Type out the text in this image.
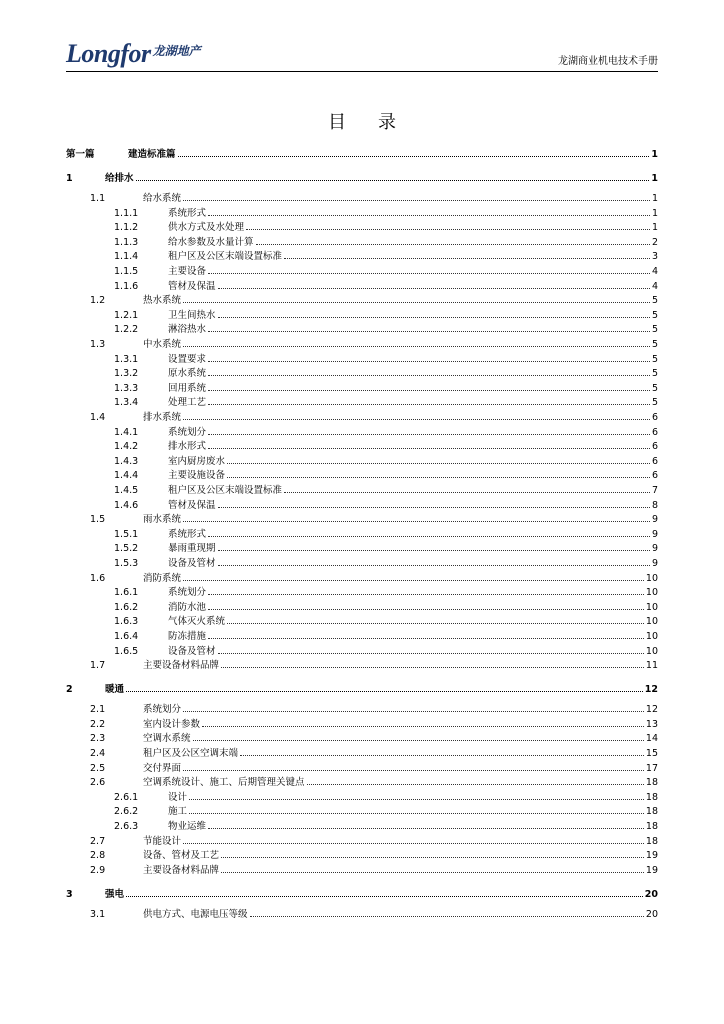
Longfor 龙湖地产
龙湖商业机电技术手册
目录
第一篇	建造标准篇	1
1	给排水	1
1.1	给水系统	1
1.1.1	系统形式	1
1.1.2	供水方式及水处理	1
1.1.3	给水参数及水量计算	2
1.1.4	租户区及公区末端设置标准	3
1.1.5	主要设备	4
1.1.6	管材及保温	4
1.2	热水系统	5
1.2.1	卫生间热水	5
1.2.2	淋浴热水	5
1.3	中水系统	5
1.3.1	设置要求	5
1.3.2	原水系统	5
1.3.3	回用系统	5
1.3.4	处理工艺	5
1.4	排水系统	6
1.4.1	系统划分	6
1.4.2	排水形式	6
1.4.3	室内厨房废水	6
1.4.4	主要设施设备	6
1.4.5	租户区及公区末端设置标准	7
1.4.6	管材及保温	8
1.5	雨水系统	9
1.5.1	系统形式	9
1.5.2	暴雨重现期	9
1.5.3	设备及管材	9
1.6	消防系统	10
1.6.1	系统划分	10
1.6.2	消防水池	10
1.6.3	气体灭火系统	10
1.6.4	防冻措施	10
1.6.5	设备及管材	10
1.7	主要设备材料品牌	11
2	暖通	12
2.1	系统划分	12
2.2	室内设计参数	13
2.3	空调水系统	14
2.4	租户区及公区空调末端	15
2.5	交付界面	17
2.6	空调系统设计、施工、后期管理关键点	18
2.6.1	设计	18
2.6.2	施工	18
2.6.3	物业运维	18
2.7	节能设计	18
2.8	设备、管材及工艺	19
2.9	主要设备材料品牌	19
3	强电	20
3.1	供电方式、电源电压等级	20
